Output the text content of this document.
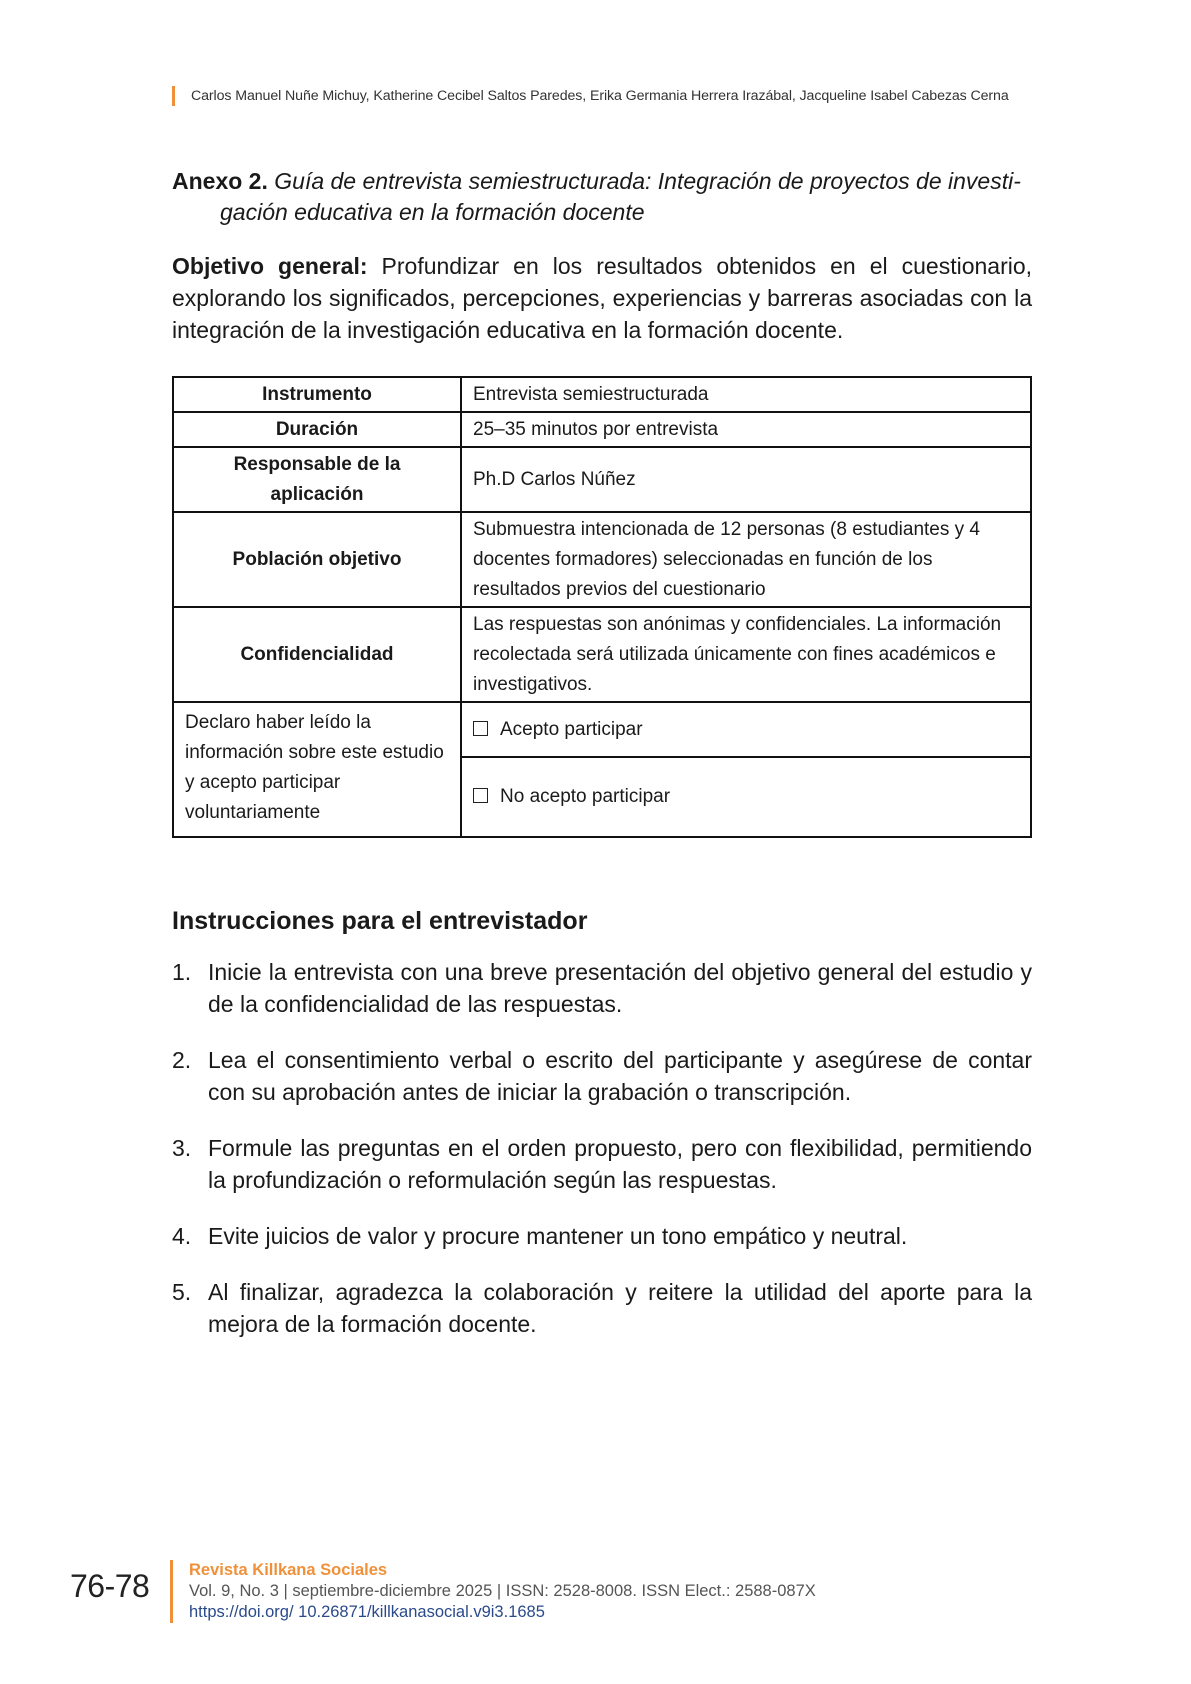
Carlos Manuel Nuñe Michuy, Katherine Cecibel Saltos Paredes, Erika Germania Herrera Irazábal, Jacqueline Isabel Cabezas Cerna
Anexo 2. Guía de entrevista semiestructurada: Integración de proyectos de investi-
gación educativa en la formación docente
Objetivo general: Profundizar en los resultados obtenidos en el cuestionario, explorando los significados, percepciones, experiencias y barreras asociadas con la integración de la investigación educativa en la formación docente.
Instrumento	Entrevista semiestructurada
Duración	25–35 minutos por entrevista
Responsable de la aplicación	Ph.D Carlos Núñez
Población objetivo	Submuestra intencionada de 12 personas (8 estudiantes y 4 docentes formadores) seleccionadas en función de los resultados previos del cuestionario
Confidencialidad	Las respuestas son anónimas y confidenciales. La información recolectada será utilizada únicamente con fines académicos e investigativos.
Declaro haber leído la información sobre este estudio y acepto participar voluntariamente	Acepto participar
	No acepto participar
Instrucciones para el entrevistador
1. Inicie la entrevista con una breve presentación del objetivo general del estudio y de la confidencialidad de las respuestas.
2. Lea el consentimiento verbal o escrito del participante y asegúrese de contar con su aprobación antes de iniciar la grabación o transcripción.
3. Formule las preguntas en el orden propuesto, pero con flexibilidad, permitiendo la profundización o reformulación según las respuestas.
4. Evite juicios de valor y procure mantener un tono empático y neutral.
5. Al finalizar, agradezca la colaboración y reitere la utilidad del aporte para la mejora de la formación docente.
76-78 Revista Killkana Sociales
Vol. 9, No. 3 | septiembre-diciembre 2025 | ISSN: 2528-8008. ISSN Elect.: 2588-087X
https://doi.org/ 10.26871/killkanasocial.v9i3.1685
